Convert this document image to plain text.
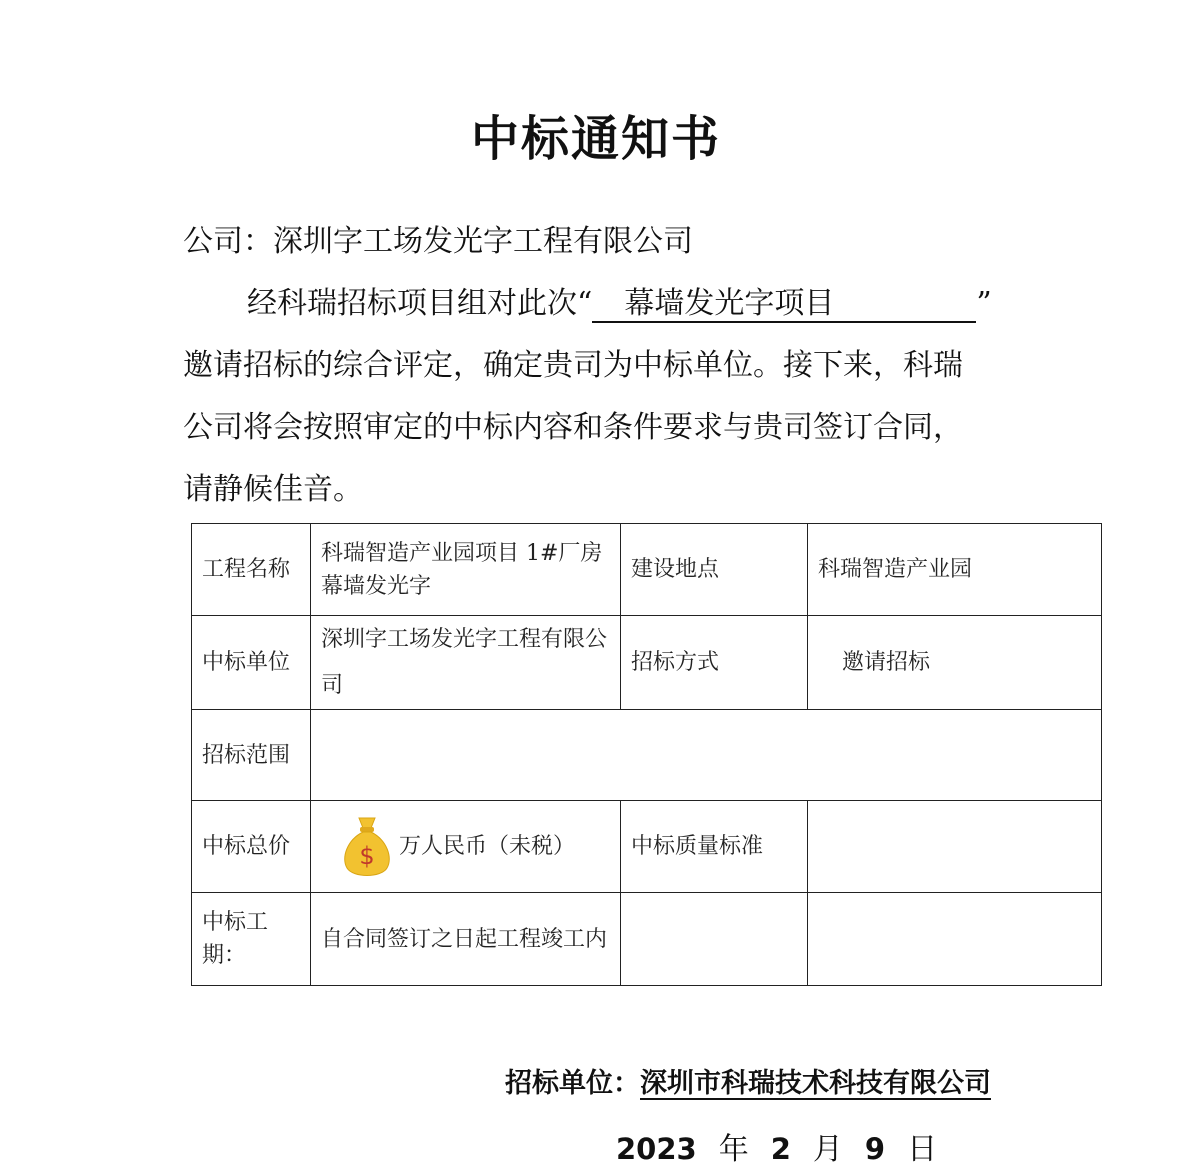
中标通知书
公司：深圳字工场发光字工程有限公司
经科瑞招标项目组对此次“ 幕墙发光字项目	”
邀请招标的综合评定，确定贵司为中标单位。接下来，科瑞
公司将会按照审定的中标内容和条件要求与贵司签订合同，
请静候佳音。
工程名称	科瑞智造产业园项目 1#厂房幕墙发光字	建设地点	科瑞智造产业园
中标单位	深圳字工场发光字工程有限公司	招标方式	邀请招标
招标范围			
中标总价	$ 万人民币（未税）	中标质量标准	
中标工期：	自合同签订之日起工程竣工内		
招标单位：深圳市科瑞技术科技有限公司
2023 年 2 月 9 日
